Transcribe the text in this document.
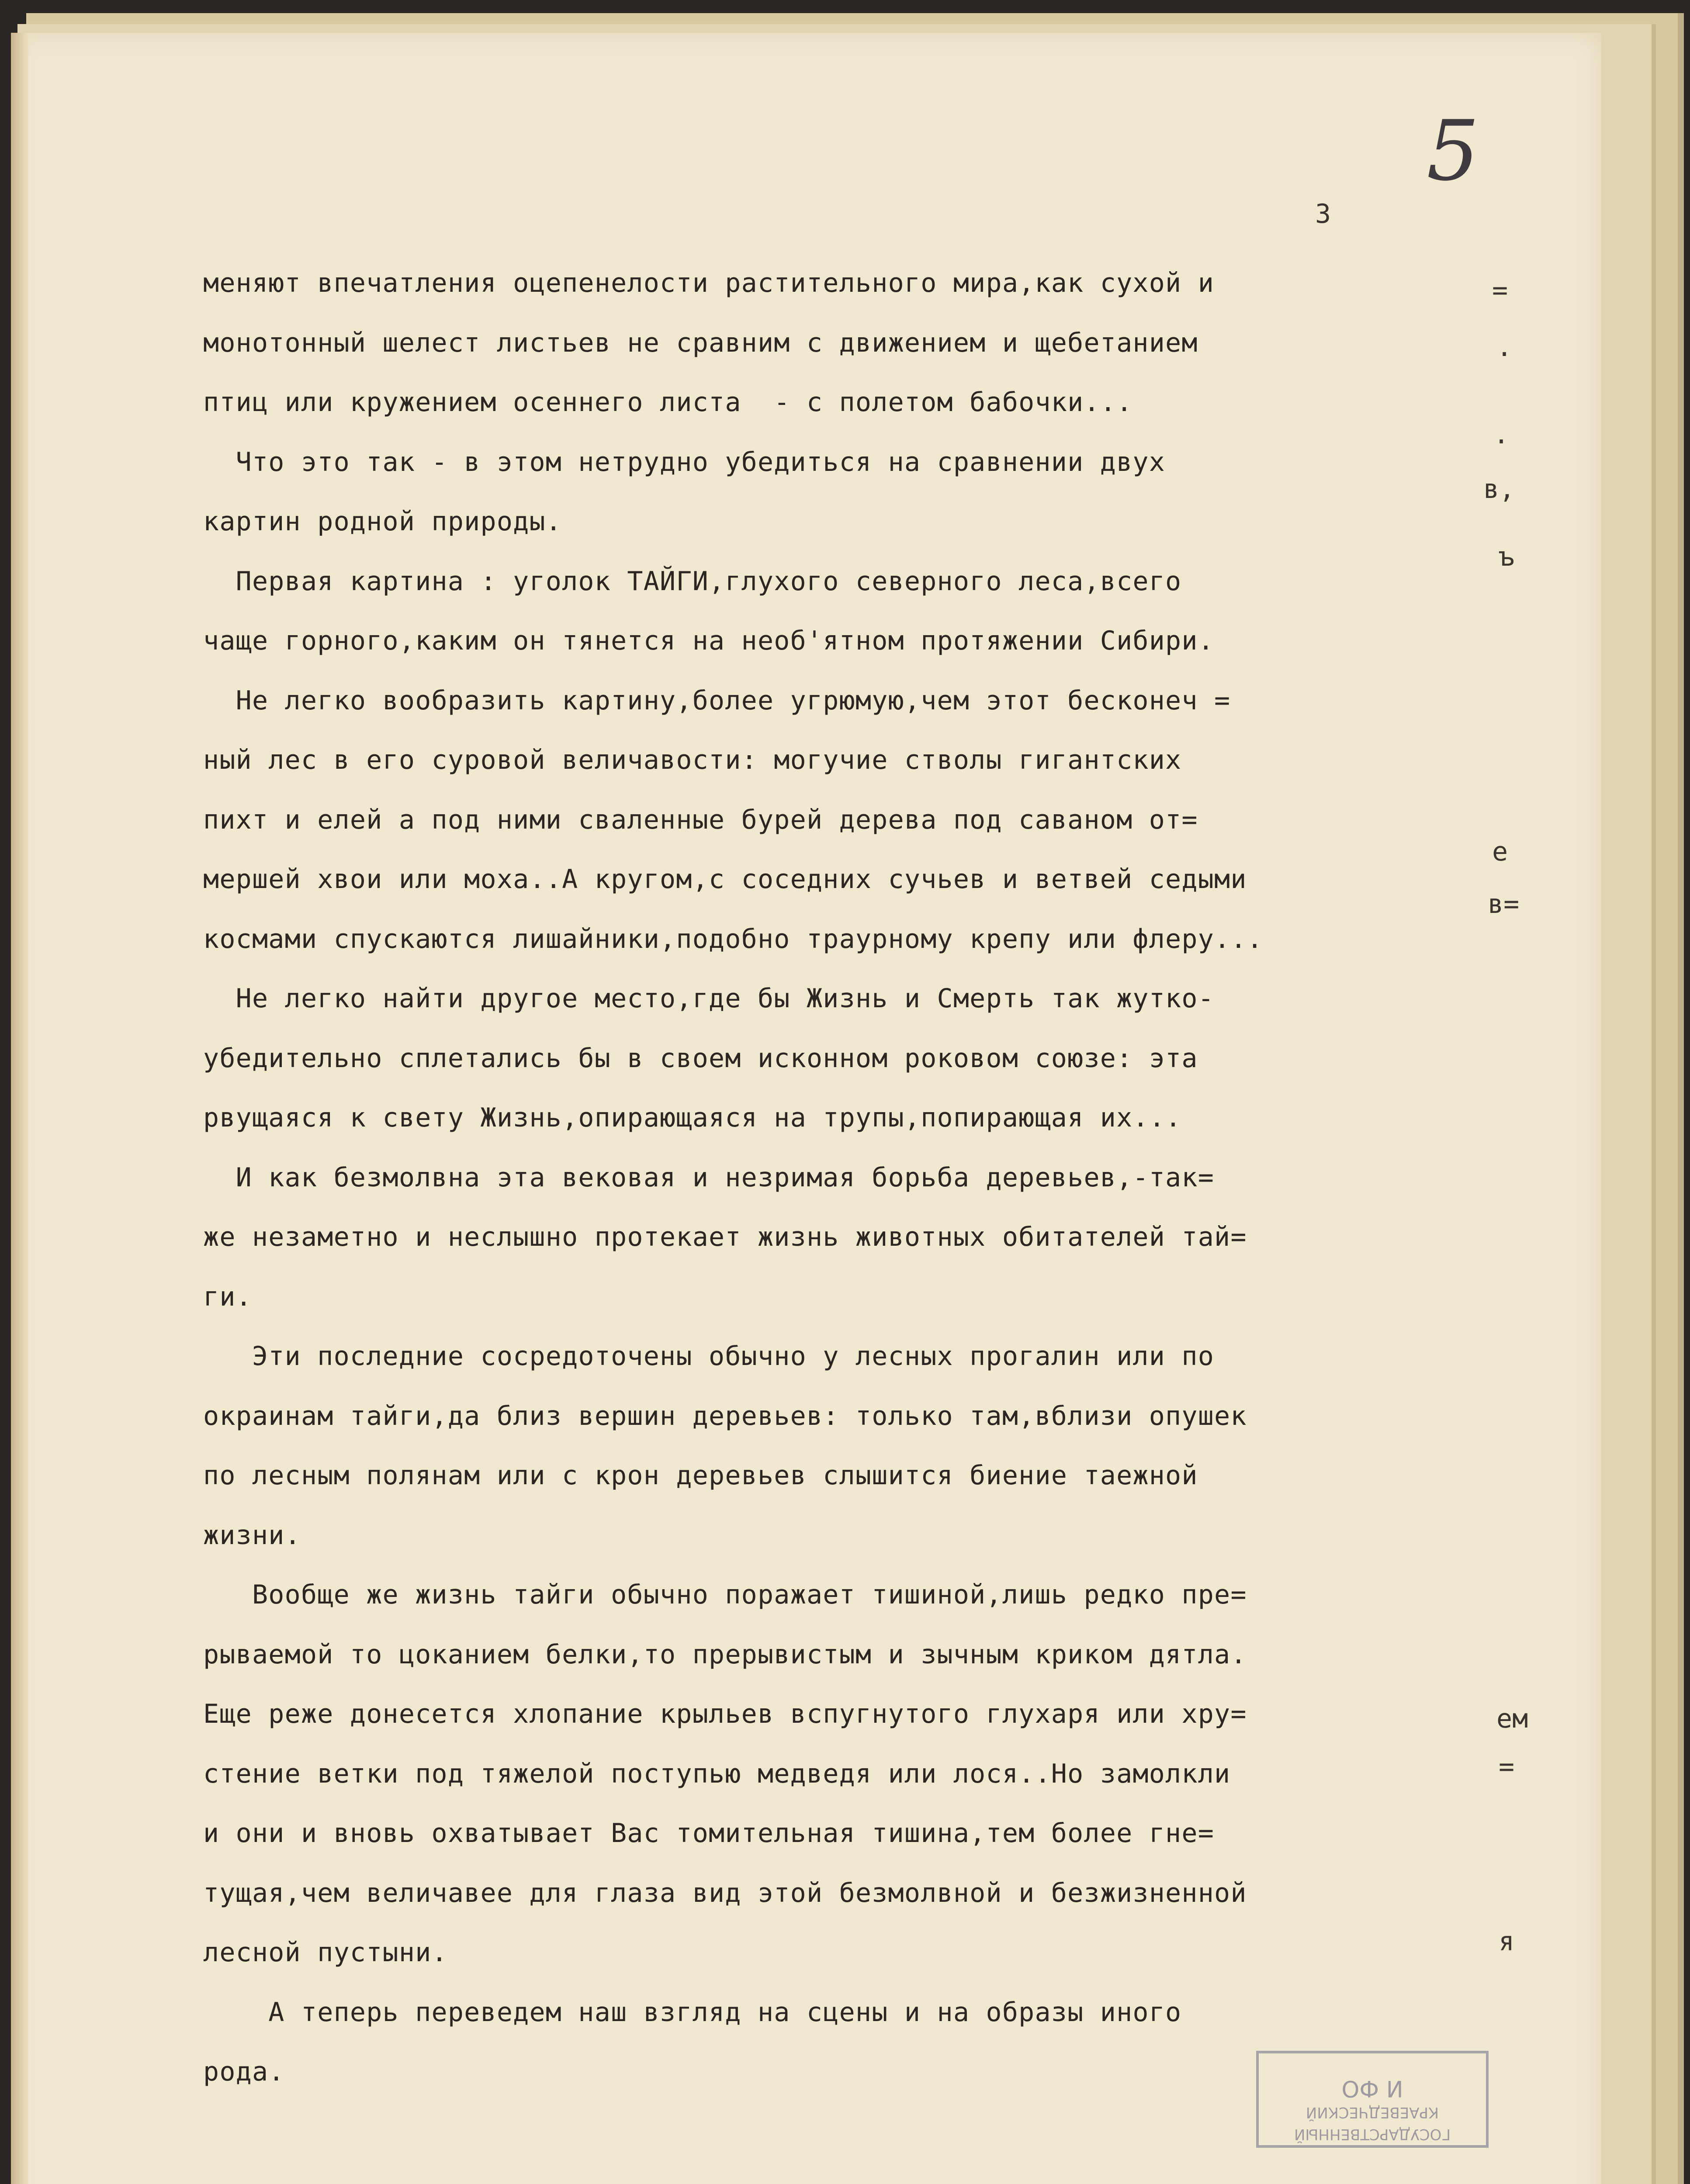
5
3
меняют впечатления оцепенелости растительного мира,как сухой и
монотонный шелест листьев не сравним с движением и щебетанием
птиц или кружением осеннего листа  - с полетом бабочки...
Что это так - в этом нетрудно убедиться на сравнении двух
картин родной природы.
Первая картина : уголок ТАЙГИ,глухого северного леса,всего
чаще горного,каким он тянется на необ'ятном протяжении Сибири.
Не легко вообразить картину,более угрюмую,чем этот бесконеч =
ный лес в его суровой величавости: могучие стволы гигантских
пихт и елей а под ними сваленные бурей дерева под саваном от=
мершей хвои или моха..А кругом,с соседних сучьев и ветвей седыми
космами спускаются лишайники,подобно траурному крепу или флеру...
Не легко найти другое место,где бы Жизнь и Смерть так жутко-
убедительно сплетались бы в своем исконном роковом союзе: эта
рвущаяся к свету Жизнь,опирающаяся на трупы,попирающая их...
И как безмолвна эта вековая и незримая борьба деревьев,-так=
же незаметно и неслышно протекает жизнь животных обитателей тай=
ги.
Эти последние сосредоточены обычно у лесных прогалин или по
окраинам тайги,да близ вершин деревьев: только там,вблизи опушек
по лесным полянам или с крон деревьев слышится биение таежной
жизни.
Вообще же жизнь тайги обычно поражает тишиной,лишь редко пре=
рываемой то цоканием белки,то прерывистым и зычным криком дятла.
Еще реже донесется хлопание крыльев вспугнутого глухаря или хру=
стение ветки под тяжелой поступью медведя или лося..Но замолкли
и они и вновь охватывает Вас томительная тишина,тем более гне=
тущая,чем величавее для глаза вид этой безмолвной и безжизненной
лесной пустыни.
А теперь переведем наш взгляд на сцены и на образы иного
рода.
.
=
.
в,
ъ
е
в=
ем
=
я
ГОСУДАРСТВЕННЫЙ
КРАЕВЕДЧЕСКИЙ
И ФО
